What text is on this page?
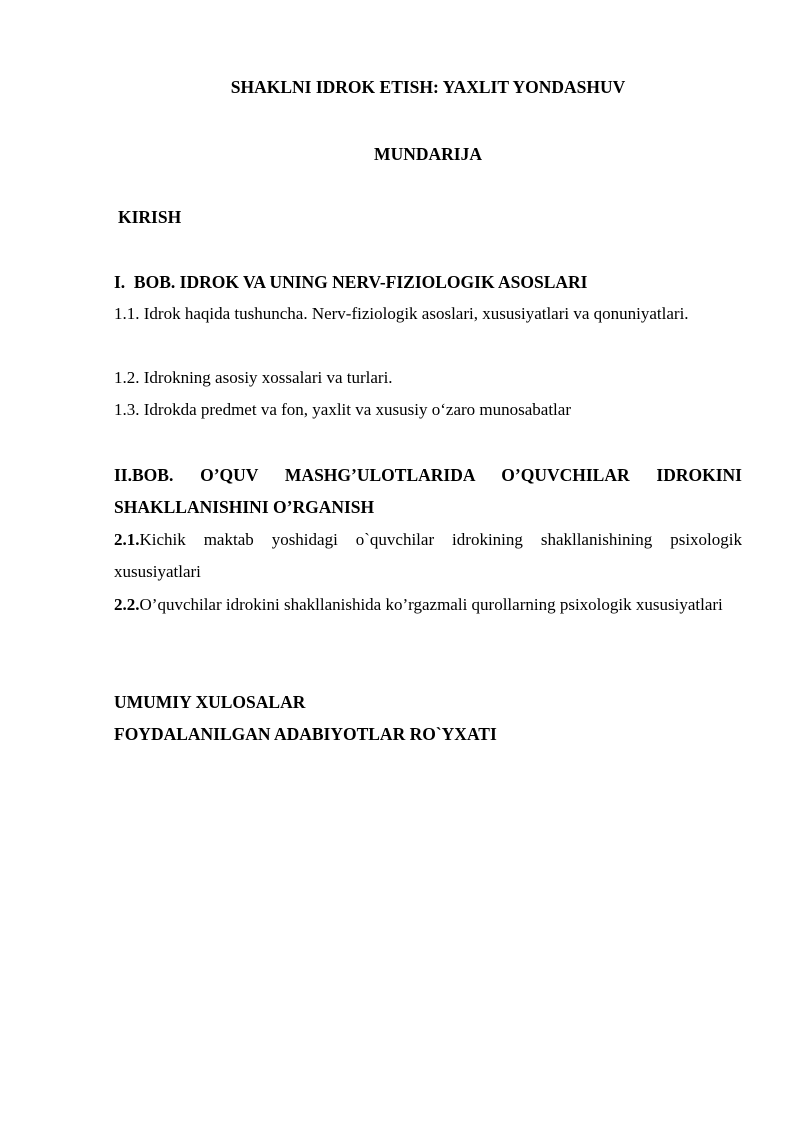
SHAKLNI IDROK ETISH: YAXLIT YONDASHUV
MUNDARIJA
KIRISH
I.  BOB. IDROK VA UNING NERV-FIZIOLOGIK ASOSLARI
1.1. Idrok haqida tushuncha. Nerv-fiziologik asoslari, xususiyatlari va qonuniyatlari.
1.2. Idrokning asosiy xossalari va turlari.
1.3. Idrokda predmet va fon, yaxlit va xususiy o‘zaro munosabatlar
II.BOB. O’QUV MASHG’ULOTLARIDA O’QUVCHILAR IDROKINI SHAKLLANISHINI O’RGANISH
2.1.Kichik maktab yoshidagi o`quvchilar idrokining shakllanishining psixologik xususiyatlari
2.2.O’quvchilar idrokini shakllanishida ko’rgazmali qurollarning psixologik xususiyatlari
UMUMIY XULOSALAR
FOYDALANILGAN ADABIYOTLAR RO`YXATI
